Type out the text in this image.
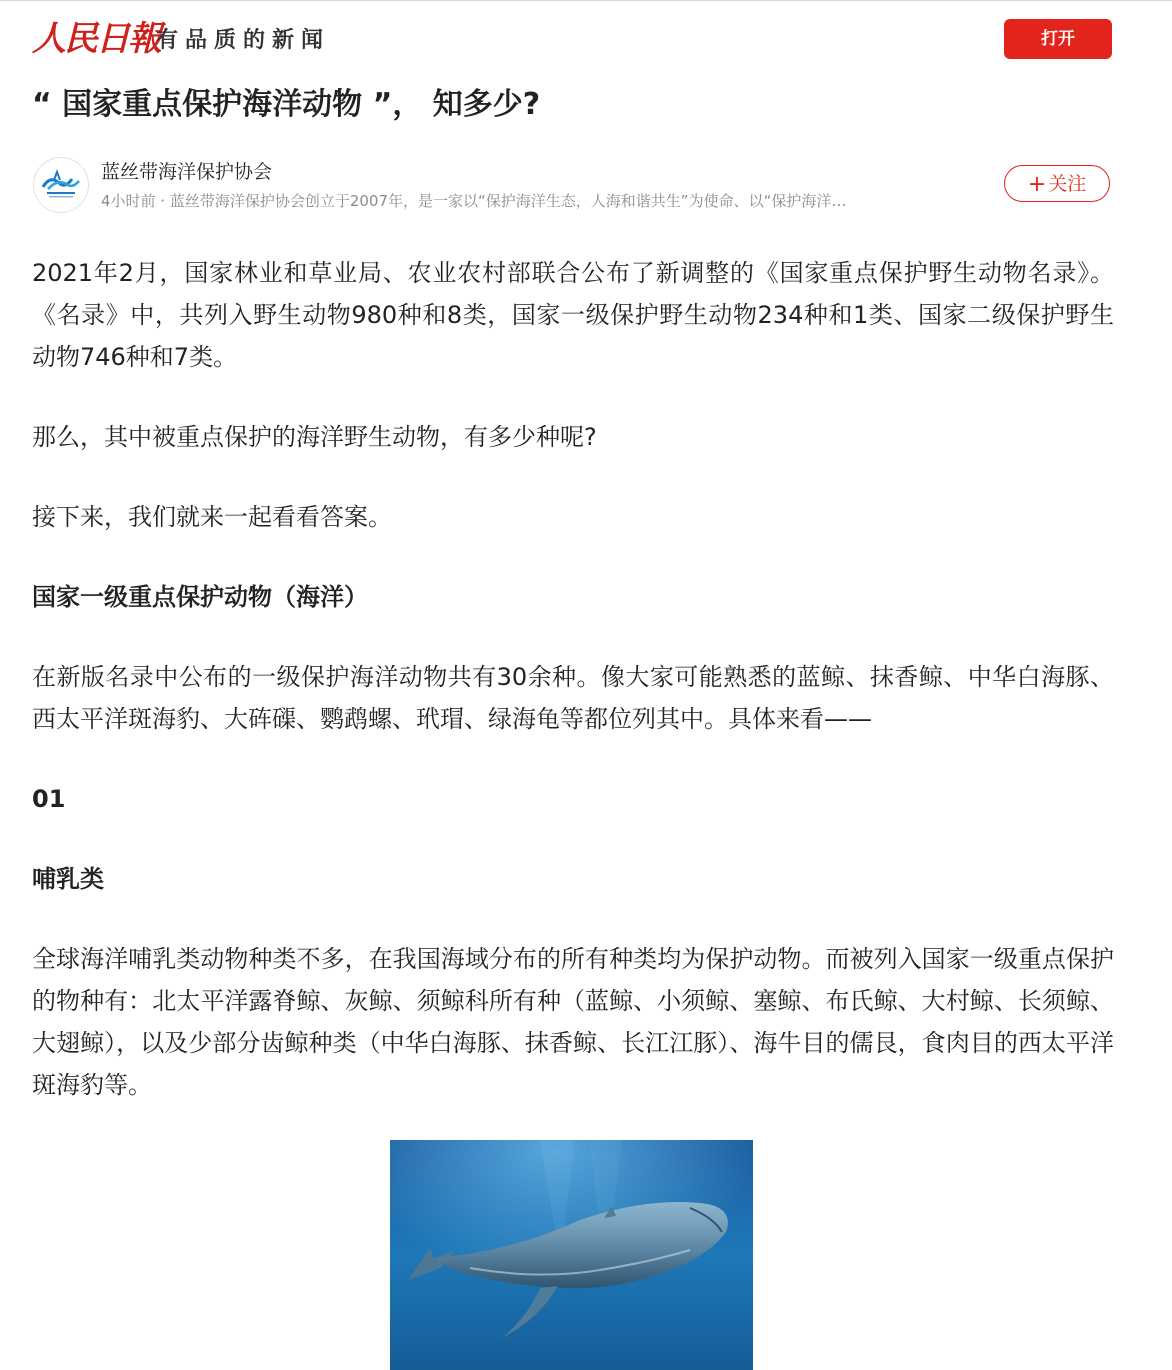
人民日報
有品质的新闻	打开
“ 国家重点保护海洋动物 ”， 知多少?
蓝丝带海洋保护协会
4小时前 · 蓝丝带海洋保护协会创立于2007年，是一家以“保护海洋生态，人海和谐共生”为使命、以“保护海洋…
+ 关注

2021年2月，国家林业和草业局、农业农村部联合公布了新调整的《国家重点保护野生动物名录》。《名录》中，共列入野生动物980种和8类，国家一级保护野生动物234种和1类、国家二级保护野生动物746种和7类。

那么，其中被重点保护的海洋野生动物，有多少种呢?

接下来，我们就来一起看看答案。

国家一级重点保护动物（海洋）

在新版名录中公布的一级保护海洋动物共有30余种。像大家可能熟悉的蓝鲸、抹香鲸、中华白海豚、西太平洋斑海豹、大砗磲、鹦鹉螺、玳瑁、绿海龟等都位列其中。具体来看——

01

哺乳类

全球海洋哺乳类动物种类不多，在我国海域分布的所有种类均为保护动物。而被列入国家一级重点保护的物种有：北太平洋露脊鲸、灰鲸、须鲸科所有种（蓝鲸、小须鲸、塞鲸、布氏鲸、大村鲸、长须鲸、大翅鲸），以及少部分齿鲸种类（中华白海豚、抹香鲸、长江江豚）、海牛目的儒艮，食肉目的西太平洋斑海豹等。
